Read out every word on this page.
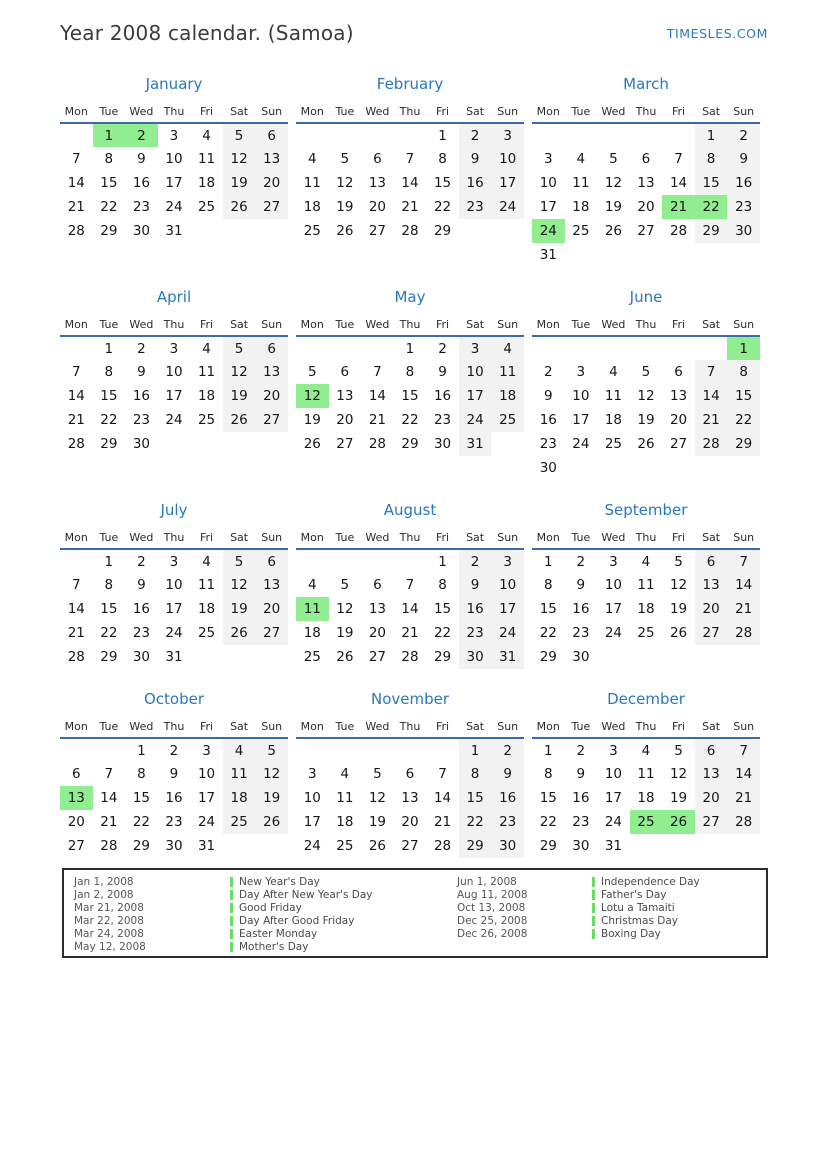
Year 2008 calendar. (Samoa)	TIMESLES.COM
January
Mon	Tue	Wed	Thu	Fri	Sat	Sun
	1	2	3	4	5	6
7	8	9	10	11	12	13
14	15	16	17	18	19	20
21	22	23	24	25	26	27
28	29	30	31			
February
Mon	Tue	Wed	Thu	Fri	Sat	Sun
				1	2	3
4	5	6	7	8	9	10
11	12	13	14	15	16	17
18	19	20	21	22	23	24
25	26	27	28	29		
March
Mon	Tue	Wed	Thu	Fri	Sat	Sun
					1	2
3	4	5	6	7	8	9
10	11	12	13	14	15	16
17	18	19	20	21	22	23
24	25	26	27	28	29	30
31						
April
Mon	Tue	Wed	Thu	Fri	Sat	Sun
	1	2	3	4	5	6
7	8	9	10	11	12	13
14	15	16	17	18	19	20
21	22	23	24	25	26	27
28	29	30				
May
Mon	Tue	Wed	Thu	Fri	Sat	Sun
			1	2	3	4
5	6	7	8	9	10	11
12	13	14	15	16	17	18
19	20	21	22	23	24	25
26	27	28	29	30	31	
June
Mon	Tue	Wed	Thu	Fri	Sat	Sun
						1
2	3	4	5	6	7	8
9	10	11	12	13	14	15
16	17	18	19	20	21	22
23	24	25	26	27	28	29
30						
July
Mon	Tue	Wed	Thu	Fri	Sat	Sun
	1	2	3	4	5	6
7	8	9	10	11	12	13
14	15	16	17	18	19	20
21	22	23	24	25	26	27
28	29	30	31			
August
Mon	Tue	Wed	Thu	Fri	Sat	Sun
				1	2	3
4	5	6	7	8	9	10
11	12	13	14	15	16	17
18	19	20	21	22	23	24
25	26	27	28	29	30	31
September
Mon	Tue	Wed	Thu	Fri	Sat	Sun
1	2	3	4	5	6	7
8	9	10	11	12	13	14
15	16	17	18	19	20	21
22	23	24	25	26	27	28
29	30					
October
Mon	Tue	Wed	Thu	Fri	Sat	Sun
		1	2	3	4	5
6	7	8	9	10	11	12
13	14	15	16	17	18	19
20	21	22	23	24	25	26
27	28	29	30	31		
November
Mon	Tue	Wed	Thu	Fri	Sat	Sun
					1	2
3	4	5	6	7	8	9
10	11	12	13	14	15	16
17	18	19	20	21	22	23
24	25	26	27	28	29	30
December
Mon	Tue	Wed	Thu	Fri	Sat	Sun
1	2	3	4	5	6	7
8	9	10	11	12	13	14
15	16	17	18	19	20	21
22	23	24	25	26	27	28
29	30	31				
Jan 1, 2008	New Year's Day
Jan 2, 2008	Day After New Year's Day
Mar 21, 2008	Good Friday
Mar 22, 2008	Day After Good Friday
Mar 24, 2008	Easter Monday
May 12, 2008	Mother's Day
Jun 1, 2008	Independence Day
Aug 11, 2008	Father's Day
Oct 13, 2008	Lotu a Tamaiti
Dec 25, 2008	Christmas Day
Dec 26, 2008	Boxing Day
